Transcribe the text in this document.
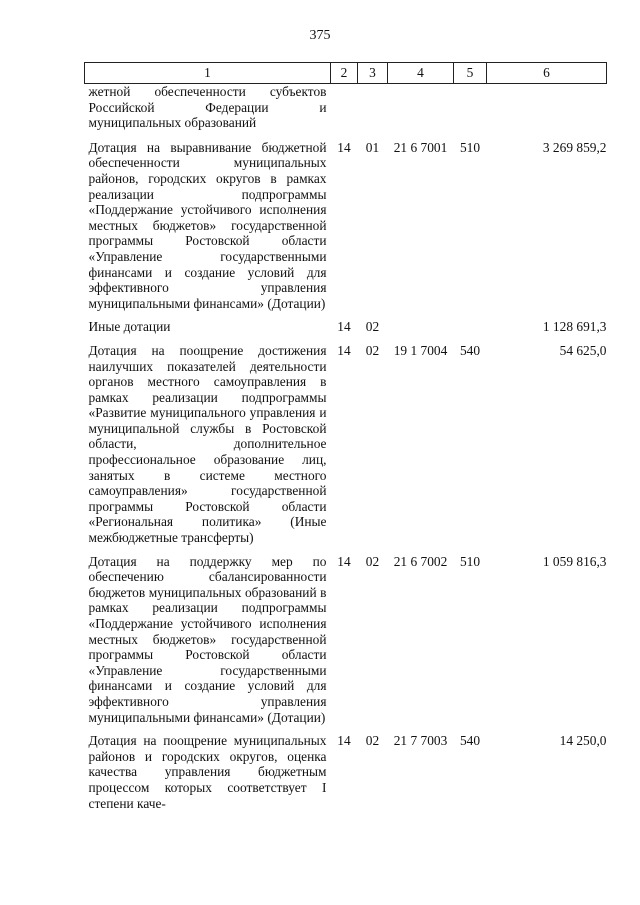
375
1	2	3	4	5	6
жетной обеспеченности субъектов Российской Федерации и муниципальных образований					
Дотация на выравнивание бюджетной обеспеченности муниципальных районов, городских округов в рамках реализации подпрограммы «Поддержание устойчивого исполнения местных бюджетов» государственной программы Ростовской области «Управление государственными финансами и создание условий для эффективного управления муниципальными финансами» (Дотации)	14	01	21 6 7001	510	3 269 859,2
Иные дотации	14	02			1 128 691,3
Дотация на поощрение достижения наилучших показателей деятельности органов местного самоуправления в рамках реализации подпрограммы «Развитие муниципального управления и муниципальной службы в Ростовской области, дополнительное профессиональное образование лиц, занятых в системе местного самоуправления» государственной программы Ростовской области «Региональная политика» (Иные межбюджетные трансферты)	14	02	19 1 7004	540	54 625,0
Дотация на поддержку мер по обеспечению сбалансированности бюджетов муниципальных образований в рамках реализации подпрограммы «Поддержание устойчивого исполнения местных бюджетов» государственной программы Ростовской области «Управление государственными финансами и создание условий для эффективного управления муниципальными финансами» (Дотации)	14	02	21 6 7002	510	1 059 816,3
Дотация на поощрение муниципальных районов и городских округов, оценка качества управления бюджетным процессом которых соответствует I степени каче-	14	02	21 7 7003	540	14 250,0
